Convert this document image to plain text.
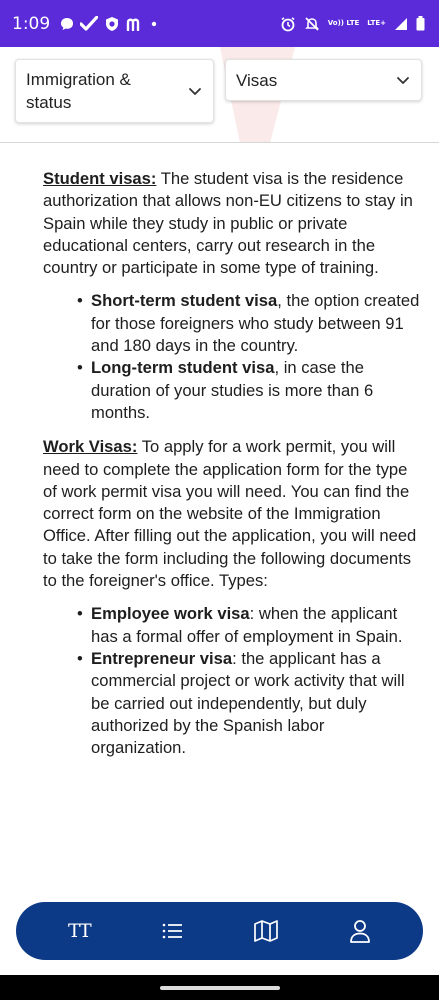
1:09	Vo)) LTE LTE+
Immigration &
status
Visas

Student visas: The student visa is the residence authorization that allows non-EU citizens to stay in Spain while they study in public or private educational centers, carry out research in the country or participate in some type of training.

• Short-term student visa, the option created for those foreigners who study between 91 and 180 days in the country.
• Long-term student visa, in case the duration of your studies is more than 6 months.

Work Visas: To apply for a work permit, you will need to complete the application form for the type of work permit visa you will need. You can find the correct form on the website of the Immigration Office. After filling out the application, you will need to take the form including the following documents to the foreigner's office. Types:

• Employee work visa: when the applicant has a formal offer of employment in Spain.
• Entrepreneur visa: the applicant has a commercial project or work activity that will be carried out independently, but duly authorized by the Spanish labor organization.
TT
